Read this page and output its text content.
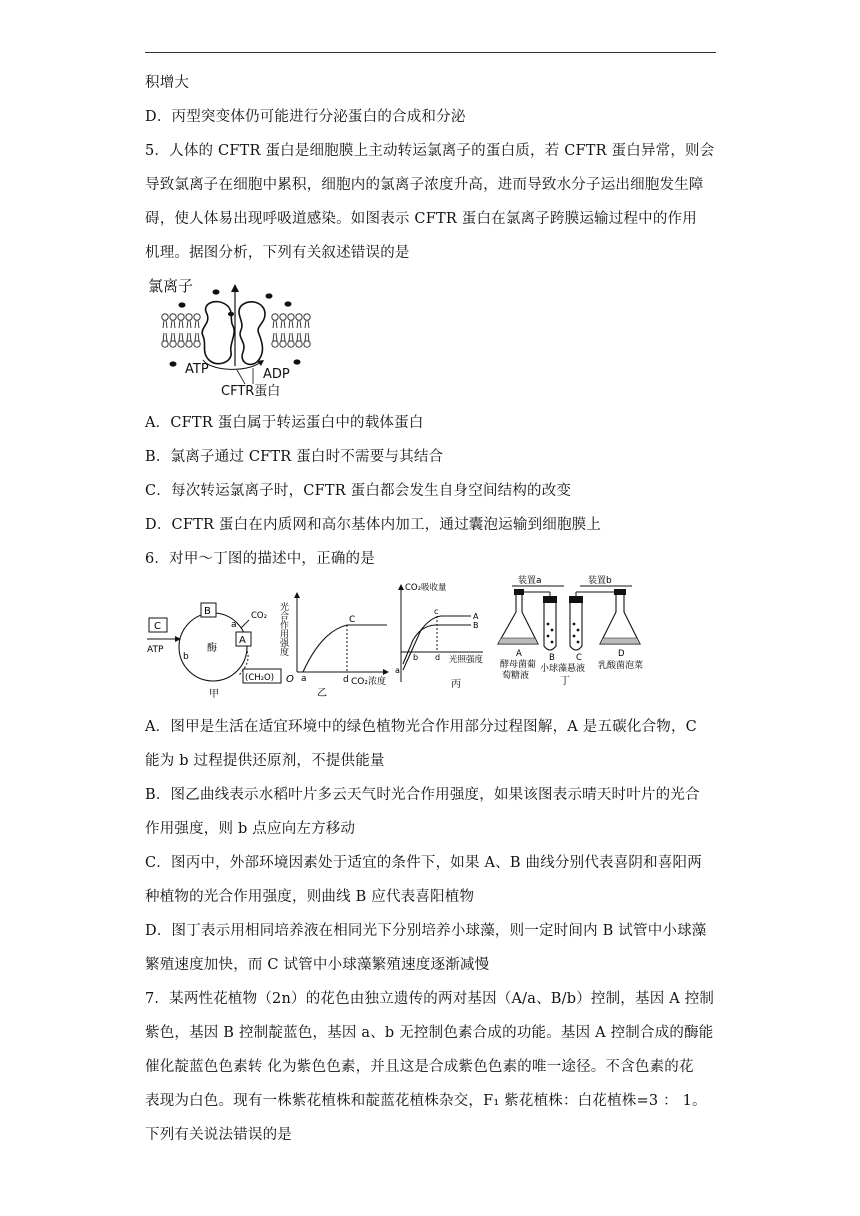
积增大
D．丙型突变体仍可能进行分泌蛋白的合成和分泌
5．人体的 CFTR 蛋白是细胞膜上主动转运氯离子的蛋白质，若 CFTR 蛋白异常，则会
导致氯离子在细胞中累积，细胞内的氯离子浓度升高，进而导致水分子运出细胞发生障
碍，使人体易出现呼吸道感染。如图表示 CFTR 蛋白在氯离子跨膜运输过程中的作用
机理。据图分析，下列有关叙述错误的是
氯离子
ATP	ADP
CFTR蛋白
A．CFTR 蛋白属于转运蛋白中的载体蛋白
B．氯离子通过 CFTR 蛋白时不需要与其结合
C．每次转运氯离子时，CFTR 蛋白都会发生自身空间结构的改变
D．CFTR 蛋白在内质网和高尔基体内加工，通过囊泡运输到细胞膜上
6．对甲～丁图的描述中，正确的是
C
ATP
B
A
CO₂
酶
a
b
(CH₂O)
甲
光合作用强度	C
O a	d CO₂浓度
乙
CO₂吸收量
A
B
c
a
b d 光照强度
丙
装置a	装置b
A	B C	D
酵母菌葡
萄糖液
小球藻悬液 乳酸菌泡菜
丁
A．图甲是生活在适宜环境中的绿色植物光合作用部分过程图解，A 是五碳化合物，C
能为 b 过程提供还原剂，不提供能量
B．图乙曲线表示水稻叶片多云天气时光合作用强度，如果该图表示晴天时叶片的光合
作用强度，则 b 点应向左方移动
C．图丙中，外部环境因素处于适宜的条件下，如果 A、B 曲线分别代表喜阴和喜阳两
种植物的光合作用强度，则曲线 B 应代表喜阳植物
D．图丁表示用相同培养液在相同光下分别培养小球藻，则一定时间内 B 试管中小球藻
繁殖速度加快，而 C 试管中小球藻繁殖速度逐渐减慢
7．某两性花植物（2n）的花色由独立遗传的两对基因（A/a、B/b）控制，基因 A 控制
紫色，基因 B 控制靛蓝色，基因 a、b 无控制色素合成的功能。基因 A 控制合成的酶能
催化靛蓝色色素转 化为紫色色素，并且这是合成紫色色素的唯一途径。不含色素的花
表现为白色。现有一株紫花植株和靛蓝花植株杂交，F₁ 紫花植株：白花植株=3 ： 1。
下列有关说法错误的是
